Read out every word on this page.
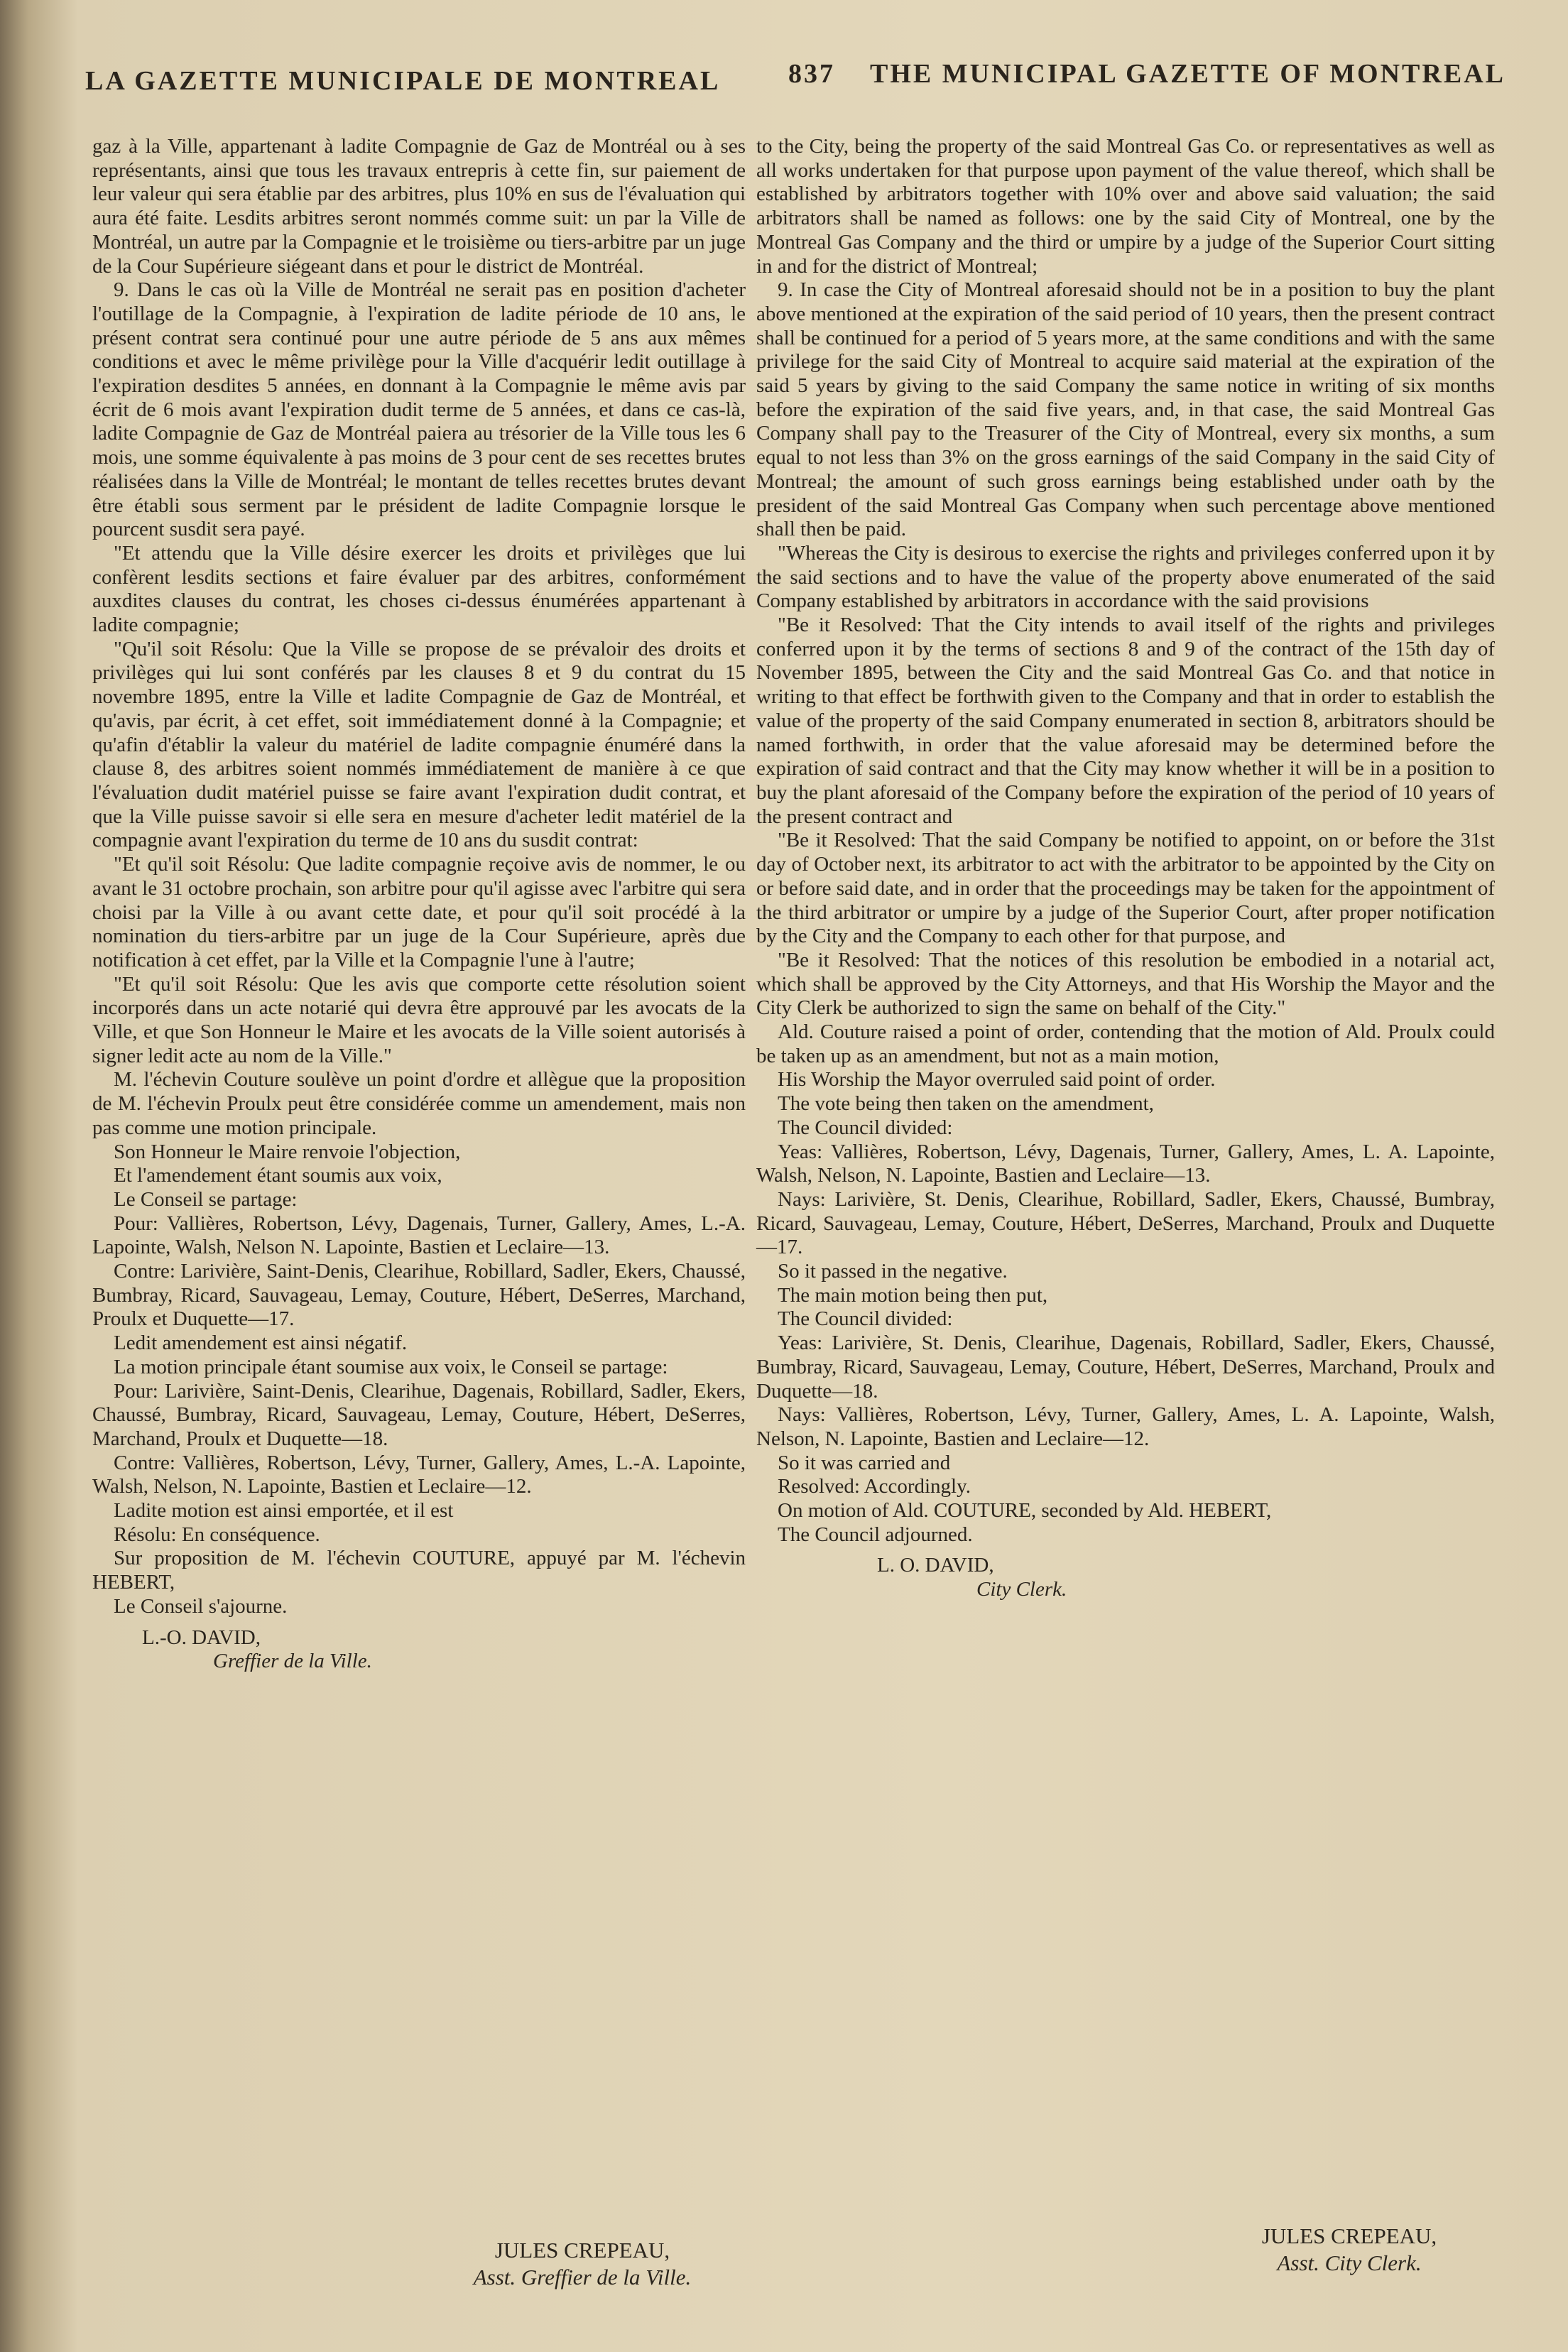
LA GAZETTE MUNICIPALE DE MONTREAL	837 THE MUNICIPAL GAZETTE OF MONTREAL

gaz à la Ville, appartenant à ladite Compagnie de Gaz de Montréal ou à ses représentants, ainsi que tous les travaux entrepris à cette fin, sur paiement de leur valeur qui sera établie par des arbitres, plus 10% en sus de l'évaluation qui aura été faite. Lesdits arbitres seront nommés comme suit: un par la Ville de Montréal, un autre par la Compagnie et le troisième ou tiers-arbitre par un juge de la Cour Supérieure siégeant dans et pour le district de Montréal.

9. Dans le cas où la Ville de Montréal ne serait pas en position d'acheter l'outillage de la Compagnie, à l'expiration de ladite période de 10 ans, le présent contrat sera continué pour une autre période de 5 ans aux mêmes conditions et avec le même privilège pour la Ville d'acquérir ledit outillage à l'expiration desdites 5 années, en donnant à la Compagnie le même avis par écrit de 6 mois avant l'expiration dudit terme de 5 années, et dans ce cas-là, ladite Compagnie de Gaz de Montréal paiera au trésorier de la Ville tous les 6 mois, une somme équivalente à pas moins de 3 pour cent de ses recettes brutes réalisées dans la Ville de Montréal; le montant de telles recettes brutes devant être établi sous serment par le président de ladite Compagnie lorsque le pourcent susdit sera payé.

"Et attendu que la Ville désire exercer les droits et privilèges que lui confèrent lesdits sections et faire évaluer par des arbitres, conformément auxdites clauses du contrat, les choses ci-dessus énumérées appartenant à ladite compagnie;

"Qu'il soit Résolu: Que la Ville se propose de se prévaloir des droits et privilèges qui lui sont conférés par les clauses 8 et 9 du contrat du 15 novembre 1895, entre la Ville et ladite Compagnie de Gaz de Montréal, et qu'avis, par écrit, à cet effet, soit immédiatement donné à la Compagnie; et qu'afin d'établir la valeur du matériel de ladite compagnie énuméré dans la clause 8, des arbitres soient nommés immédiatement de manière à ce que l'évaluation dudit matériel puisse se faire avant l'expiration dudit contrat, et que la Ville puisse savoir si elle sera en mesure d'acheter ledit matériel de la compagnie avant l'expiration du terme de 10 ans du susdit contrat:

"Et qu'il soit Résolu: Que ladite compagnie reçoive avis de nommer, le ou avant le 31 octobre prochain, son arbitre pour qu'il agisse avec l'arbitre qui sera choisi par la Ville à ou avant cette date, et pour qu'il soit procédé à la nomination du tiers-arbitre par un juge de la Cour Supérieure, après due notification à cet effet, par la Ville et la Compagnie l'une à l'autre;

"Et qu'il soit Résolu: Que les avis que comporte cette résolution soient incorporés dans un acte notarié qui devra être approuvé par les avocats de la Ville, et que Son Honneur le Maire et les avocats de la Ville soient autorisés à signer ledit acte au nom de la Ville."

M. l'échevin Couture soulève un point d'ordre et allègue que la proposition de M. l'échevin Proulx peut être considérée comme un amendement, mais non pas comme une motion principale.

Son Honneur le Maire renvoie l'objection,

Et l'amendement étant soumis aux voix,

Le Conseil se partage:

Pour: Vallières, Robertson, Lévy, Dagenais, Turner, Gallery, Ames, L.-A. Lapointe, Walsh, Nelson N. Lapointe, Bastien et Leclaire—13.

Contre: Larivière, Saint-Denis, Clearihue, Robillard, Sadler, Ekers, Chaussé, Bumbray, Ricard, Sauvageau, Lemay, Couture, Hébert, DeSerres, Marchand, Proulx et Duquette—17.

Ledit amendement est ainsi négatif.

La motion principale étant soumise aux voix, le Conseil se partage:

Pour: Larivière, Saint-Denis, Clearihue, Dagenais, Robillard, Sadler, Ekers, Chaussé, Bumbray, Ricard, Sauvageau, Lemay, Couture, Hébert, DeSerres, Marchand, Proulx et Duquette—18.

Contre: Vallières, Robertson, Lévy, Turner, Gallery, Ames, L.-A. Lapointe, Walsh, Nelson, N. Lapointe, Bastien et Leclaire—12.

Ladite motion est ainsi emportée, et il est

Résolu: En conséquence.

Sur proposition de M. l'échevin COUTURE, appuyé par M. l'échevin HEBERT,

Le Conseil s'ajourne.

L.-O. DAVID,

Greffier de la Ville.

to the City, being the property of the said Montreal Gas Co. or representatives as well as all works undertaken for that purpose upon payment of the value thereof, which shall be established by arbitrators together with 10% over and above said valuation; the said arbitrators shall be named as follows: one by the said City of Montreal, one by the Montreal Gas Company and the third or umpire by a judge of the Superior Court sitting in and for the district of Montreal;

9. In case the City of Montreal aforesaid should not be in a position to buy the plant above mentioned at the expiration of the said period of 10 years, then the present contract shall be continued for a period of 5 years more, at the same conditions and with the same privilege for the said City of Montreal to acquire said material at the expiration of the said 5 years by giving to the said Company the same notice in writing of six months before the expiration of the said five years, and, in that case, the said Montreal Gas Company shall pay to the Treasurer of the City of Montreal, every six months, a sum equal to not less than 3% on the gross earnings of the said Company in the said City of Montreal; the amount of such gross earnings being established under oath by the president of the said Montreal Gas Company when such percentage above mentioned shall then be paid.

"Whereas the City is desirous to exercise the rights and privileges conferred upon it by the said sections and to have the value of the property above enumerated of the said Company established by arbitrators in accordance with the said provisions

"Be it Resolved: That the City intends to avail itself of the rights and privileges conferred upon it by the terms of sections 8 and 9 of the contract of the 15th day of November 1895, between the City and the said Montreal Gas Co. and that notice in writing to that effect be forthwith given to the Company and that in order to establish the value of the property of the said Company enumerated in section 8, arbitrators should be named forthwith, in order that the value aforesaid may be determined before the expiration of said contract and that the City may know whether it will be in a position to buy the plant aforesaid of the Company before the expiration of the period of 10 years of the present contract and

"Be it Resolved: That the said Company be notified to appoint, on or before the 31st day of October next, its arbitrator to act with the arbitrator to be appointed by the City on or before said date, and in order that the proceedings may be taken for the appointment of the third arbitrator or umpire by a judge of the Superior Court, after proper notification by the City and the Company to each other for that purpose, and

"Be it Resolved: That the notices of this resolution be embodied in a notarial act, which shall be approved by the City Attorneys, and that His Worship the Mayor and the City Clerk be authorized to sign the same on behalf of the City."

Ald. Couture raised a point of order, contending that the motion of Ald. Proulx could be taken up as an amendment, but not as a main motion,

His Worship the Mayor overruled said point of order.

The vote being then taken on the amendment,

The Council divided:

Yeas: Vallières, Robertson, Lévy, Dagenais, Turner, Gallery, Ames, L. A. Lapointe, Walsh, Nelson, N. Lapointe, Bastien and Leclaire—13.

Nays: Larivière, St. Denis, Clearihue, Robillard, Sadler, Ekers, Chaussé, Bumbray, Ricard, Sauvageau, Lemay, Couture, Hébert, DeSerres, Marchand, Proulx and Duquette—17.

So it passed in the negative.

The main motion being then put,

The Council divided:

Yeas: Larivière, St. Denis, Clearihue, Dagenais, Robillard, Sadler, Ekers, Chaussé, Bumbray, Ricard, Sauvageau, Lemay, Couture, Hébert, DeSerres, Marchand, Proulx and Duquette—18.

Nays: Vallières, Robertson, Lévy, Turner, Gallery, Ames, L. A. Lapointe, Walsh, Nelson, N. Lapointe, Bastien and Leclaire—12.

So it was carried and

Resolved: Accordingly.

On motion of Ald. COUTURE, seconded by Ald. HEBERT,

The Council adjourned.

L. O. DAVID,

City Clerk.

JULES CREPEAU,
Asst. Greffier de la Ville.
JULES CREPEAU,
Asst. City Clerk.
